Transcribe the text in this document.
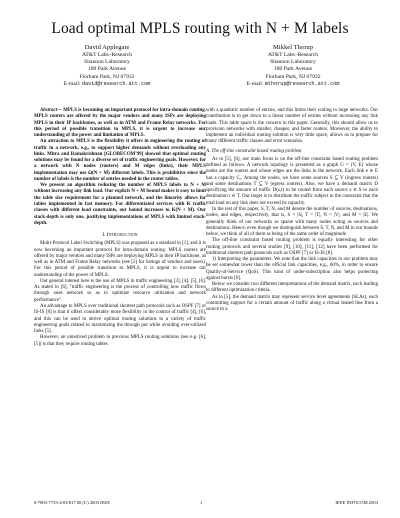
Load optimal MPLS routing with N + M labels
David Applegate
AT&T Labs–Research
Shannon Laboratory
180 Park Avenue
Florham Park, NJ 07932
E-mail: david@research.att.com
Mikkel Thorup
AT&T Labs–Research
Shannon Laboratory
180 Park Avenue
Florham Park, NJ 07932
E-mail: mthorup@research.att.com

Abstract— MPLS is becoming an important protocol for intra-domain routing. MPLS routers are offered by the major vendors and many ISPs are deploying MPLS in their IP backbones, as well as in ATM and Frame Relay networks. For this period of possible transition to MPLS, it is urgent to increase our understanding of the power and limitation of MPLS.

An attraction to MPLS is the flexibility it offers in engineering the routing of traffic in a network, e.g., to support higher demands without overloading any links. Mitra and Ramakrishnan [GLOBECOM'99] showed that optimal routing solutions may be found for a diverse set of traffic engineering goals. However, for a network with N nodes (routers) and M edges (links), their MPLS implementation may use Ω(N × M) different labels. This is prohibitive since the number of labels is the number of entries needed in the router tables.

We present an algorithm reducing the number of MPLS labels to N + M without increasing any link load. Our explicit N + M bound makes it easy to limit the table size requirement for a planned network, and the linearity allows for tables implemented in fast memory. For differentiated services with K traffic classes with different load constraints, our bound increases to K(N + M). Our stack-depth is only one, justifying implementations of MPLS with limited stack-depth.

I. Introduction

Multi-Protocol Label Switching (MPLS) was proposed as a standard in [1], and it is now becoming an important protocol for intra-domain routing. MPLS routers are offered by major vendors and many ISPs are deploying MPLS in their IP backbone, as well as in ATM and Frame Relay networks (see [2] for listings of vendors and users). For this period of possible transition to MPLS, it is urgent to increase our understanding of the power of MPLS.

Our general interest here is the use of MPLS in traffic engineering [3], [4], [5], [6]. As stated in [6], "traffic engineering is the process of controlling how traffic flows through ones network so as to optimize resource utilization and network performance".

An advantage to MPLS over traditional shortest path protocols such as OSPF [7] or IS-IS [8] is that it offers considerably more flexibility in the control of traffic [4], [6], and this can be used to derive optimal routing solutions to a variety of traffic engineering goals related to maximizing the through put while avoiding over-utilized links [5].

However, an unnoticed problem in previous MPLS routing solutions (see e.g. [6], [5]) is that they require routing tables

with a quadratic number of entries, and this limits their scaling to large networks. Our contribution is to get down to a linear number of entries without increasing any link loads. This table space is the concern in this paper. Generally, this should allow us to provision networks with smaller, cheaper, and faster routers. Moreover, the ability to implement an individual routing solution is very little space, allows us to prepare for many different traffic classes and error scenarios.

A. The off-line constraint based routing problem

As in [5], [6], our main focus is on the off-line constraint based routing problem defined as follows. A network topology is presented as a graph G = (V, E) whose nodes are the routers and whose edges are the links in the network. Each link e ∈ E has a capacity Cₑ. Among the nodes, we have some sources S ⊆ V (ingress routers) and some destinations T ⊆ V (egress routers). Also, we have a demand matrix D specifying the amount of traffic D(s,t) to be routed from each source s ∈ S to each destination t ∈ T. Our target is to distribute the traffic subject to the constraint that the total load on any link does not exceed its capacity.

In the rest of this paper, S, T, N, and M denote the number of sources, destinations, nodes, and edges, respectively, that is, S = |S|, T = |T|, N = |V|, and M = |E|. We generally think of our networks as sparse with many nodes acting as sources and destinations. Hence, even though we distinguish between S, T, N, and M in our bounds below, we think of all of them as being of the same order of magnitude.

The off-line constraint based routing problem is equally interesting for other routing protocols and several studies [9], [10], [11], [12] have been performed for traditional shortest path protocols such as OSPF [7] or IS-IS [8].

1) Interpreting the parameters. We note that the link capacities in our problem may be set somewhat lower than the official link capacities, e.g., 60%, in order to ensure Quality-of-Service (QoS). This kind of under-subscription also helps protecting against bursts [6].

Below we consider two different interpretations of the demand matrix, each leading to different optimization criteria.

As in [5], the demand matrix may represent service level agreements (SLAs), each committing support for a certain amount of traffic along a virtual leased line from a source to a

0-7803-7753-2/03/$17.00 (C) 2003 IEEE	1	IEEE INFOCOM 2003
